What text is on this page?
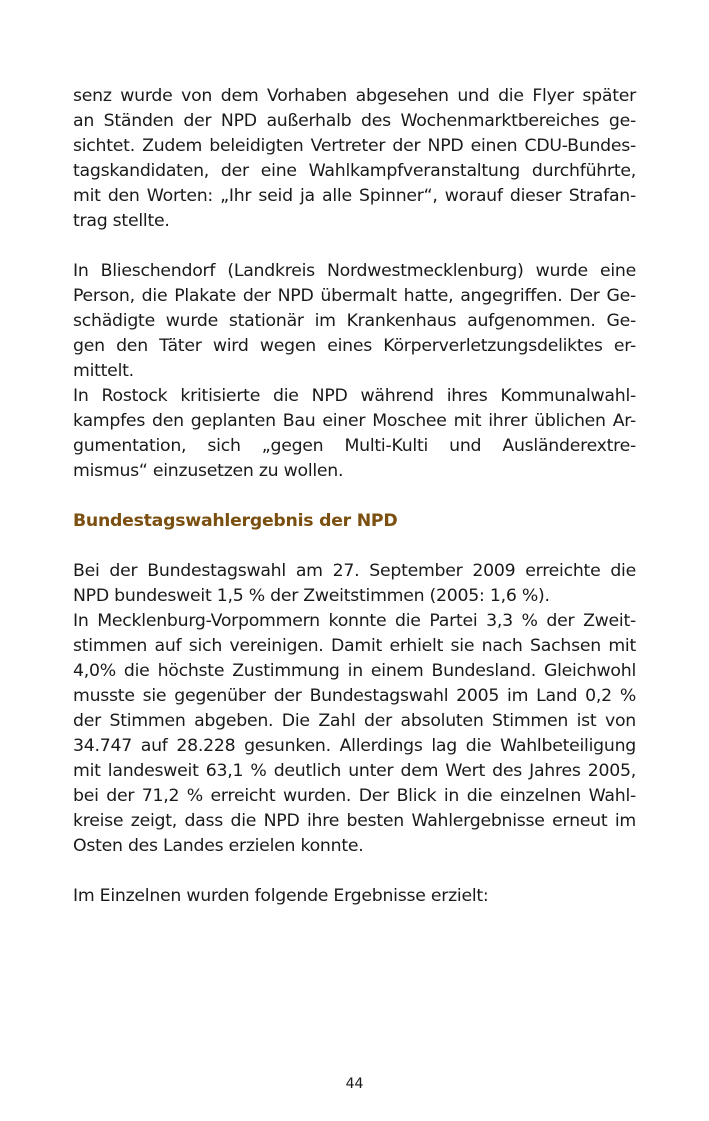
senz wurde von dem Vorhaben abgesehen und die Flyer später
an Ständen der NPD außerhalb des Wochenmarktbereiches ge-
sichtet. Zudem beleidigten Vertreter der NPD einen CDU-Bundes-
tagskandidaten, der eine Wahlkampfveranstaltung durchführte,
mit den Worten: „Ihr seid ja alle Spinner“, worauf dieser Strafan-
trag stellte.
In Blieschendorf (Landkreis Nordwestmecklenburg) wurde eine
Person, die Plakate der NPD übermalt hatte, angegriffen. Der Ge-
schädigte wurde stationär im Krankenhaus aufgenommen. Ge-
gen den Täter wird wegen eines Körperverletzungsdeliktes er-
mittelt.
In Rostock kritisierte die NPD während ihres Kommunalwahl-
kampfes den geplanten Bau einer Moschee mit ihrer üblichen Ar-
gumentation, sich „gegen Multi-Kulti und Ausländerextre-
mismus“ einzusetzen zu wollen.
Bundestagswahlergebnis der NPD
Bei der Bundestagswahl am 27. September 2009 erreichte die
NPD bundesweit 1,5 % der Zweitstimmen (2005: 1,6 %).
In Mecklenburg-Vorpommern konnte die Partei 3,3 % der Zweit-
stimmen auf sich vereinigen. Damit erhielt sie nach Sachsen mit
4,0% die höchste Zustimmung in einem Bundesland. Gleichwohl
musste sie gegenüber der Bundestagswahl 2005 im Land 0,2 %
der Stimmen abgeben. Die Zahl der absoluten Stimmen ist von
34.747 auf 28.228 gesunken. Allerdings lag die Wahlbeteiligung
mit landesweit 63,1 % deutlich unter dem Wert des Jahres 2005,
bei der 71,2 % erreicht wurden. Der Blick in die einzelnen Wahl-
kreise zeigt, dass die NPD ihre besten Wahlergebnisse erneut im
Osten des Landes erzielen konnte.
Im Einzelnen wurden folgende Ergebnisse erzielt:
44
